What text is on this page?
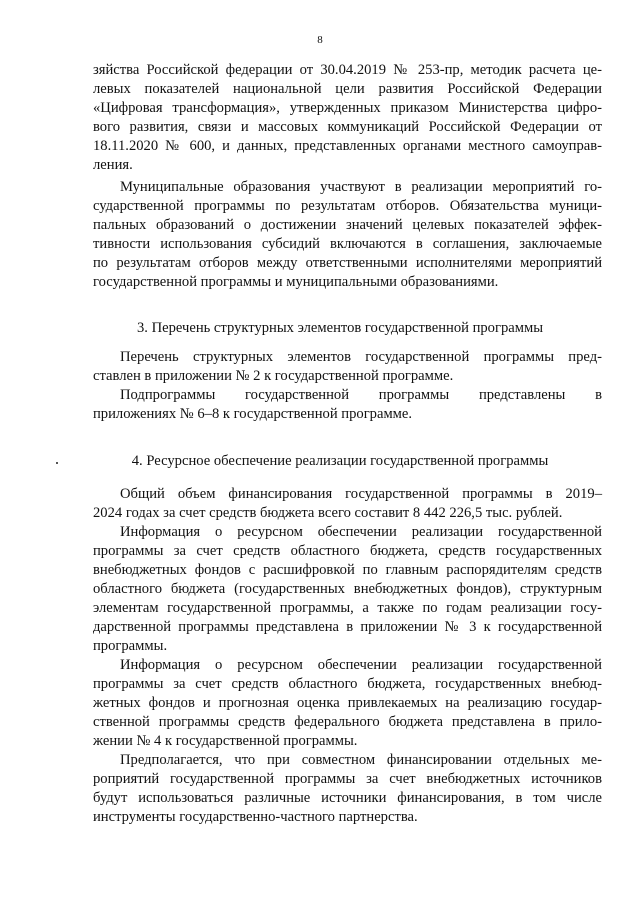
8
зяйства Российской федерации от 30.04.2019 № 253-пр, методик расчета це-
левых показателей национальной цели развития Российской Федерации
«Цифровая трансформация», утвержденных приказом Министерства цифро-
вого развития, связи и массовых коммуникаций Российской Федерации от
18.11.2020 № 600, и данных, представленных органами местного самоуправ-
ления.
Муниципальные образования участвуют в реализации мероприятий го-
сударственной программы по результатам отборов. Обязательства муници-
пальных образований о достижении значений целевых показателей эффек-
тивности использования субсидий включаются в соглашения, заключаемые
по результатам отборов между ответственными исполнителями мероприятий
государственной программы и муниципальными образованиями.
3. Перечень структурных элементов государственной программы
Перечень структурных элементов государственной программы пред-
ставлен в приложении № 2 к государственной программе.
Подпрограммы государственной программы представлены в
приложениях № 6–8 к государственной программе.
4. Ресурсное обеспечение реализации государственной программы
Общий объем финансирования государственной программы в 2019–
2024 годах за счет средств бюджета всего составит 8 442 226,5 тыс. рублей.
Информация о ресурсном обеспечении реализации государственной
программы за счет средств областного бюджета, средств государственных
внебюджетных фондов с расшифровкой по главным распорядителям средств
областного бюджета (государственных внебюджетных фондов), структурным
элементам государственной программы, а также по годам реализации госу-
дарственной программы представлена в приложении № 3 к государственной
программы.
Информация о ресурсном обеспечении реализации государственной
программы за счет средств областного бюджета, государственных внебюд-
жетных фондов и прогнозная оценка привлекаемых на реализацию государ-
ственной программы средств федерального бюджета представлена в прило-
жении № 4 к государственной программы.
Предполагается, что при совместном финансировании отдельных ме-
роприятий государственной программы за счет внебюджетных источников
будут использоваться различные источники финансирования, в том числе
инструменты государственно-частного партнерства.
